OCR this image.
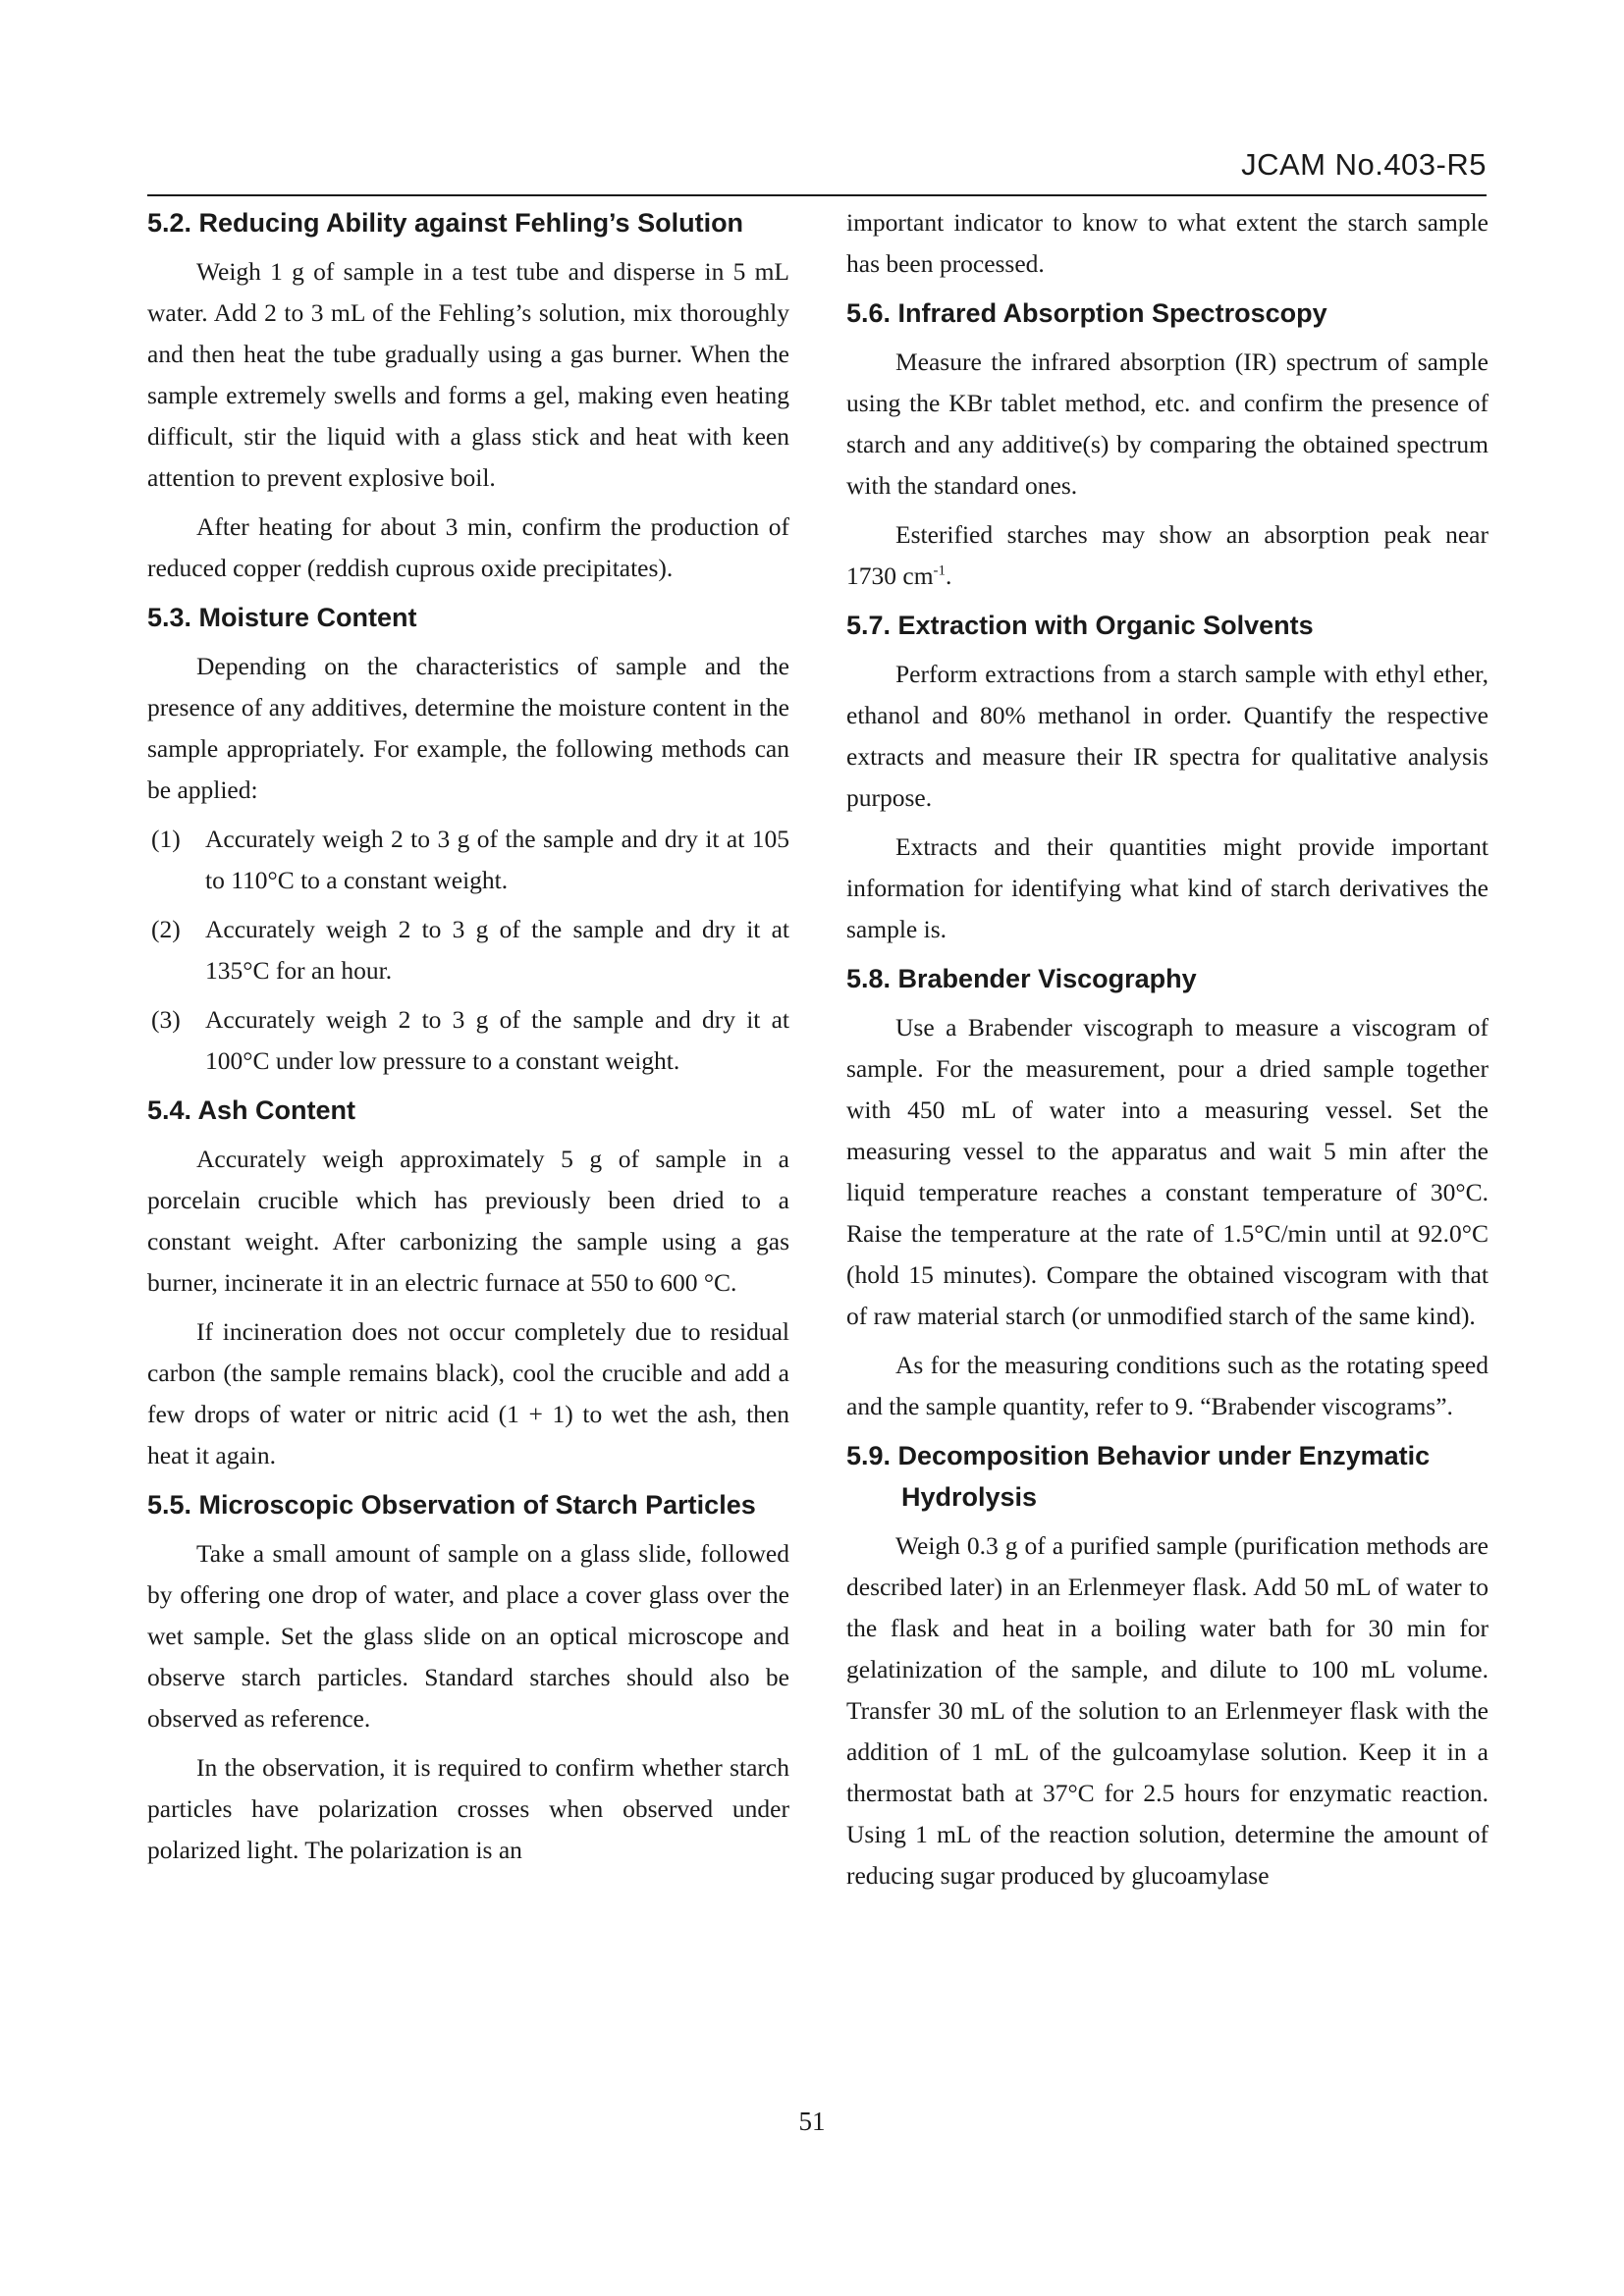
JCAM No.403-R5
5.2. Reducing Ability against Fehling’s Solution

Weigh 1 g of sample in a test tube and disperse in 5 mL water. Add 2 to 3 mL of the Fehling’s solution, mix thoroughly and then heat the tube gradually using a gas burner. When the sample extremely swells and forms a gel, making even heating difficult, stir the liquid with a glass stick and heat with keen attention to prevent explosive boil.

After heating for about 3 min, confirm the production of reduced copper (reddish cuprous oxide precipitates).

5.3. Moisture Content

Depending on the characteristics of sample and the presence of any additives, determine the moisture content in the sample appropriately. For example, the following methods can be applied:

(1) Accurately weigh 2 to 3 g of the sample and dry it at 105 to 110°C to a constant weight.
(2) Accurately weigh 2 to 3 g of the sample and dry it at 135°C for an hour.
(3) Accurately weigh 2 to 3 g of the sample and dry it at 100°C under low pressure to a constant weight.
5.4. Ash Content

Accurately weigh approximately 5 g of sample in a porcelain crucible which has previously been dried to a constant weight. After carbonizing the sample using a gas burner, incinerate it in an electric furnace at 550 to 600 °C.

If incineration does not occur completely due to residual carbon (the sample remains black), cool the crucible and add a few drops of water or nitric acid (1 + 1) to wet the ash, then heat it again.

5.5. Microscopic Observation of Starch Particles

Take a small amount of sample on a glass slide, followed by offering one drop of water, and place a cover glass over the wet sample. Set the glass slide on an optical microscope and observe starch particles. Standard starches should also be observed as reference.

In the observation, it is required to confirm whether starch particles have polarization crosses when observed under polarized light. The polarization is an

important indicator to know to what extent the starch sample has been processed.

5.6. Infrared Absorption Spectroscopy

Measure the infrared absorption (IR) spectrum of sample using the KBr tablet method, etc. and confirm the presence of starch and any additive(s) by comparing the obtained spectrum with the standard ones.

Esterified starches may show an absorption peak near 1730 $cm^{-1}$.

5.7. Extraction with Organic Solvents

Perform extractions from a starch sample with ethyl ether, ethanol and 80% methanol in order. Quantify the respective extracts and measure their IR spectra for qualitative analysis purpose.

Extracts and their quantities might provide important information for identifying what kind of starch derivatives the sample is.

5.8. Brabender Viscography

Use a Brabender viscograph to measure a viscogram of sample. For the measurement, pour a dried sample together with 450 mL of water into a measuring vessel. Set the measuring vessel to the apparatus and wait 5 min after the liquid temperature reaches a constant temperature of 30°C. Raise the temperature at the rate of 1.5°C/min until at 92.0°C (hold 15 minutes). Compare the obtained viscogram with that of raw material starch (or unmodified starch of the same kind).

As for the measuring conditions such as the rotating speed and the sample quantity, refer to 9. “Brabender viscograms”.

5.9. Decomposition Behavior under Enzymatic
Hydrolysis

Weigh 0.3 g of a purified sample (purification methods are described later) in an Erlenmeyer flask. Add 50 mL of water to the flask and heat in a boiling water bath for 30 min for gelatinization of the sample, and dilute to 100 mL volume. Transfer 30 mL of the solution to an Erlenmeyer flask with the addition of 1 mL of the gulcoamylase solution. Keep it in a thermostat bath at 37°C for 2.5 hours for enzymatic reaction. Using 1 mL of the reaction solution, determine the amount of reducing sugar produced by glucoamylase

51
